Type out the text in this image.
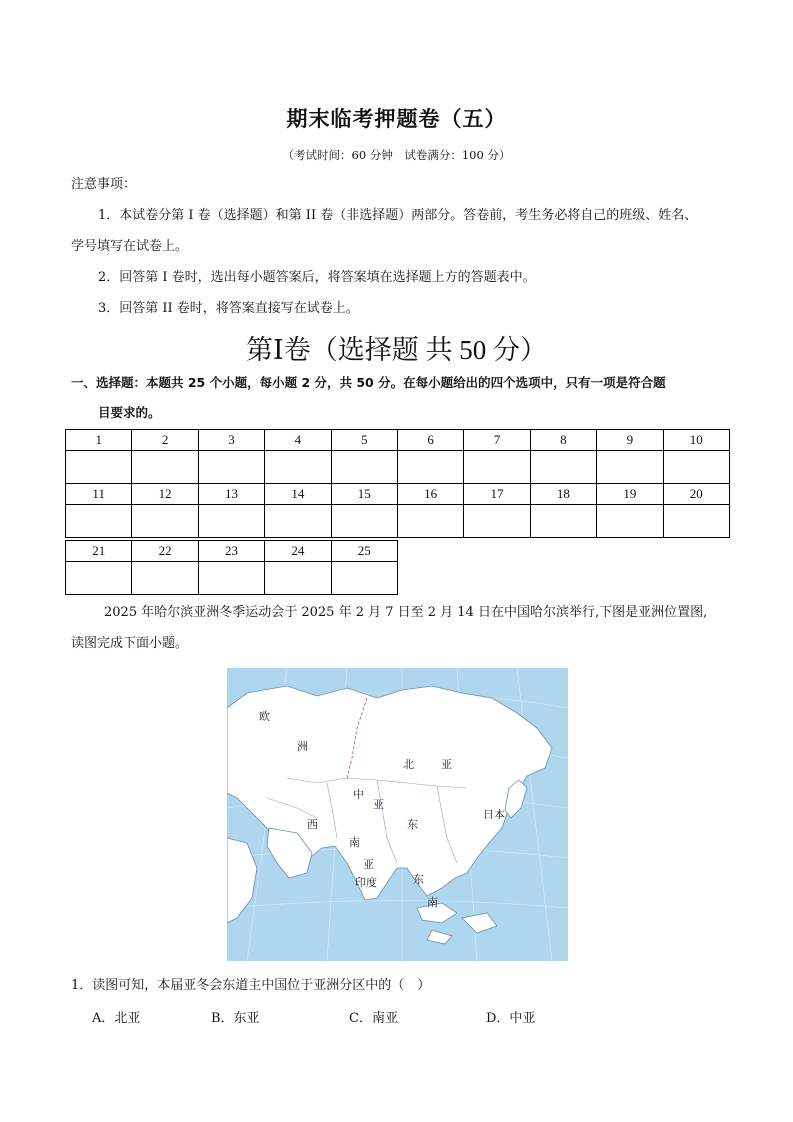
期末临考押题卷（五）
（考试时间：60 分钟　试卷满分：100 分）
注意事项：
1．本试卷分第 I 卷（选择题）和第 II 卷（非选择题）两部分。答卷前，考生务必将自己的班级、姓名、
学号填写在试卷上。
2．回答第 I 卷时，选出每小题答案后，将答案填在选择题上方的答题表中。
3．回答第 II 卷时，将答案直接写在试卷上。
第Ⅰ卷（选择题 共 50 分）
一、选择题：本题共 25 个小题，每小题 2 分，共 50 分。在每小题给出的四个选项中，只有一项是符合题
目要求的。
1	2	3	4	5	6	7	8	9	10

11	12	13	14	15	16	17	18	19	20

21	22	23	24	25

2025 年哈尔滨亚洲冬季运动会于 2025 年 2 月 7 日至 2 月 14 日在中国哈尔滨举行,下图是亚洲位置图,
读图完成下面小题。
欧
洲
北 亚
中
亚
东
日本
西
南
亚
印度	东
南
1．读图可知，本届亚冬会东道主中国位于亚洲分区中的（　）
A．北亚	B．东亚	C．南亚	D．中亚
